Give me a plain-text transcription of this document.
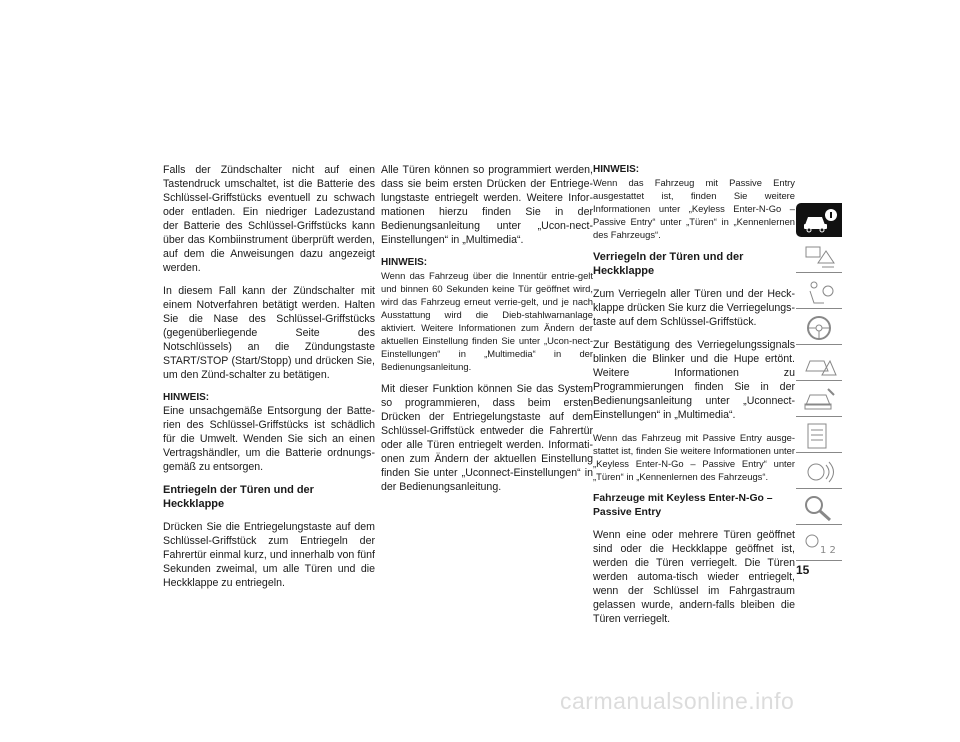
Falls der Zündschalter nicht auf einen Tastendruck umschaltet, ist die Batterie des Schlüssel-Griffstücks eventuell zu schwach oder entladen. Ein niedriger Ladezustand der Batterie des Schlüssel-Griffstücks kann über das Kombiinstrument überprüft werden, auf dem die Anweisungen dazu angezeigt werden.

In diesem Fall kann der Zündschalter mit einem Notverfahren betätigt werden. Halten Sie die Nase des Schlüssel-Griffstücks (gegenüberliegende Seite des Notschlüssels) an die Zündungstaste START/STOP (Start/Stopp) und drücken Sie, um den Zünd-schalter zu betätigen.

HINWEIS:

Eine unsachgemäße Entsorgung der Batte-rien des Schlüssel-Griffstücks ist schädlich für die Umwelt. Wenden Sie sich an einen Vertragshändler, um die Batterie ordnungs-gemäß zu entsorgen.

Entriegeln der Türen und der Heckklappe

Drücken Sie die Entriegelungstaste auf dem Schlüssel-Griffstück zum Entriegeln der Fahrertür einmal kurz, und innerhalb von fünf Sekunden zweimal, um alle Türen und die Heckklappe zu entriegeln.

Alle Türen können so programmiert werden, dass sie beim ersten Drücken der Entriege-lungstaste entriegelt werden. Weitere Infor-mationen hierzu finden Sie in der Bedienungsanleitung unter „Ucon-nect-Einstellungen“ in „Multimedia“.

HINWEIS:

Wenn das Fahrzeug über die Innentür entrie-gelt und binnen 60 Sekunden keine Tür geöffnet wird, wird das Fahrzeug erneut verrie-gelt, und je nach Ausstattung wird die Dieb-stahlwarnanlage aktiviert. Weitere Informationen zum Ändern der aktuellen Einstellung finden Sie unter „Ucon-nect-Einstellungen“ in „Multimedia“ in der Bedienungsanleitung.

Mit dieser Funktion können Sie das System so programmieren, dass beim ersten Drücken der Entriegelungstaste auf dem Schlüssel-Griffstück entweder die Fahrertür oder alle Türen entriegelt werden. Informati-onen zum Ändern der aktuellen Einstellung finden Sie unter „Uconnect-Einstellungen“ in der Bedienungsanleitung.

HINWEIS:

Wenn das Fahrzeug mit Passive Entry ausgestattet ist, finden Sie weitere Informationen unter „Keyless Enter-N-Go – Passive Entry“ unter „Türen“ in „Kennenlernen des Fahrzeugs“.

Verriegeln der Türen und der Heckklappe

Zum Verriegeln aller Türen und der Heck-klappe drücken Sie kurz die Verriegelungs-taste auf dem Schlüssel-Griffstück.

Zur Bestätigung des Verriegelungssignals blinken die Blinker und die Hupe ertönt. Weitere Informationen zu Programmierungen finden Sie in der Bedienungsanleitung unter „Uconnect-Einstellungen“ in „Multimedia“.

Wenn das Fahrzeug mit Passive Entry ausge-stattet ist, finden Sie weitere Informationen unter „Keyless Enter-N-Go – Passive Entry“ unter „Türen“ in „Kennenlernen des Fahrzeugs“.

Fahrzeuge mit Keyless Enter-N-Go – Passive Entry

Wenn eine oder mehrere Türen geöffnet sind oder die Heckklappe geöffnet ist, werden die Türen verriegelt. Die Türen werden automa-tisch wieder entriegelt, wenn der Schlüssel im Fahrgastraum gelassen wurde, andern-falls bleiben die Türen verriegelt.

1 2
15
carmanualsonline.info
